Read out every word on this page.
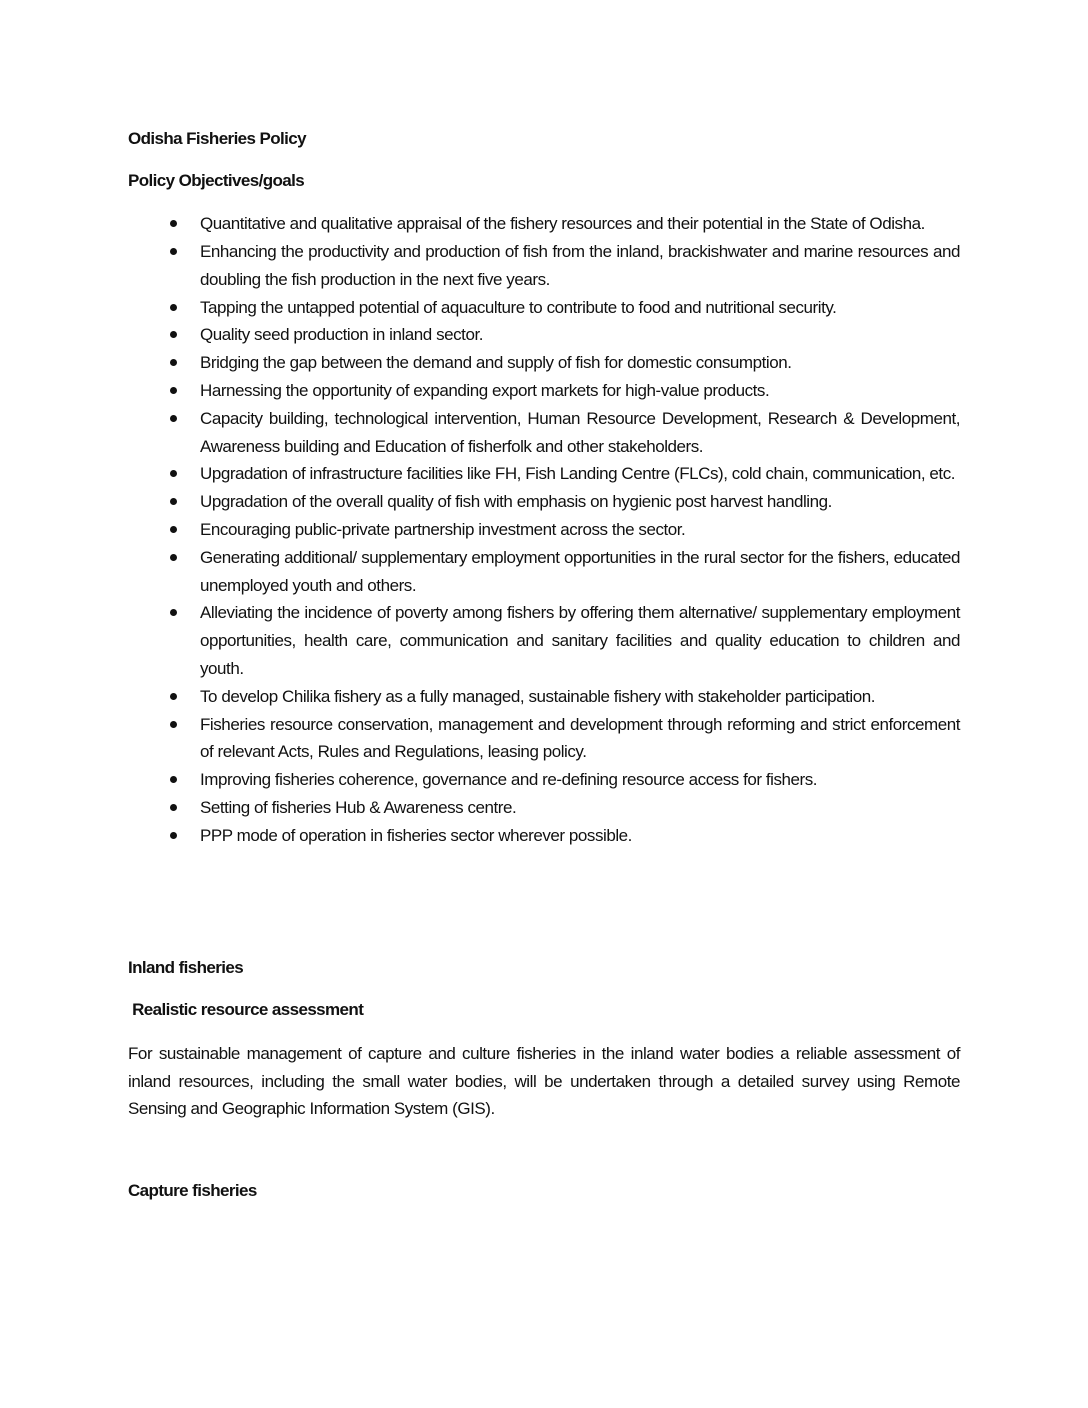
Odisha Fisheries Policy
Policy Objectives/goals
Quantitative and qualitative appraisal of the fishery resources and their potential in the State of Odisha.
Enhancing the productivity and production of fish from the inland, brackishwater and marine resources and doubling the fish production in the next five years.
Tapping the untapped potential of aquaculture to contribute to food and nutritional security.
Quality seed production in inland sector.
Bridging the gap between the demand and supply of fish for domestic consumption.
Harnessing the opportunity of expanding export markets for high-value products.
Capacity building, technological intervention, Human Resource Development, Research & Development, Awareness building and Education of fisherfolk and other stakeholders.
Upgradation of infrastructure facilities like FH, Fish Landing Centre (FLCs), cold chain, communication, etc.
Upgradation of the overall quality of fish with emphasis on hygienic post harvest handling.
Encouraging public-private partnership investment across the sector.
Generating additional/ supplementary employment opportunities in the rural sector for the fishers, educated unemployed youth and others.
Alleviating the incidence of poverty among fishers by offering them alternative/ supplementary employment opportunities, health care, communication and sanitary facilities and quality education to children and youth.
To develop Chilika fishery as a fully managed, sustainable fishery with stakeholder participation.
Fisheries resource conservation, management and development through reforming and strict enforcement of relevant Acts, Rules and Regulations, leasing policy.
Improving fisheries coherence, governance and re-defining resource access for fishers.
Setting of fisheries Hub & Awareness centre.
PPP mode of operation in fisheries sector wherever possible.
Inland fisheries
Realistic resource assessment

For sustainable management of capture and culture fisheries in the inland water bodies a reliable assessment of inland resources, including the small water bodies, will be undertaken through a detailed survey using Remote Sensing and Geographic Information System (GIS).

Capture fisheries
